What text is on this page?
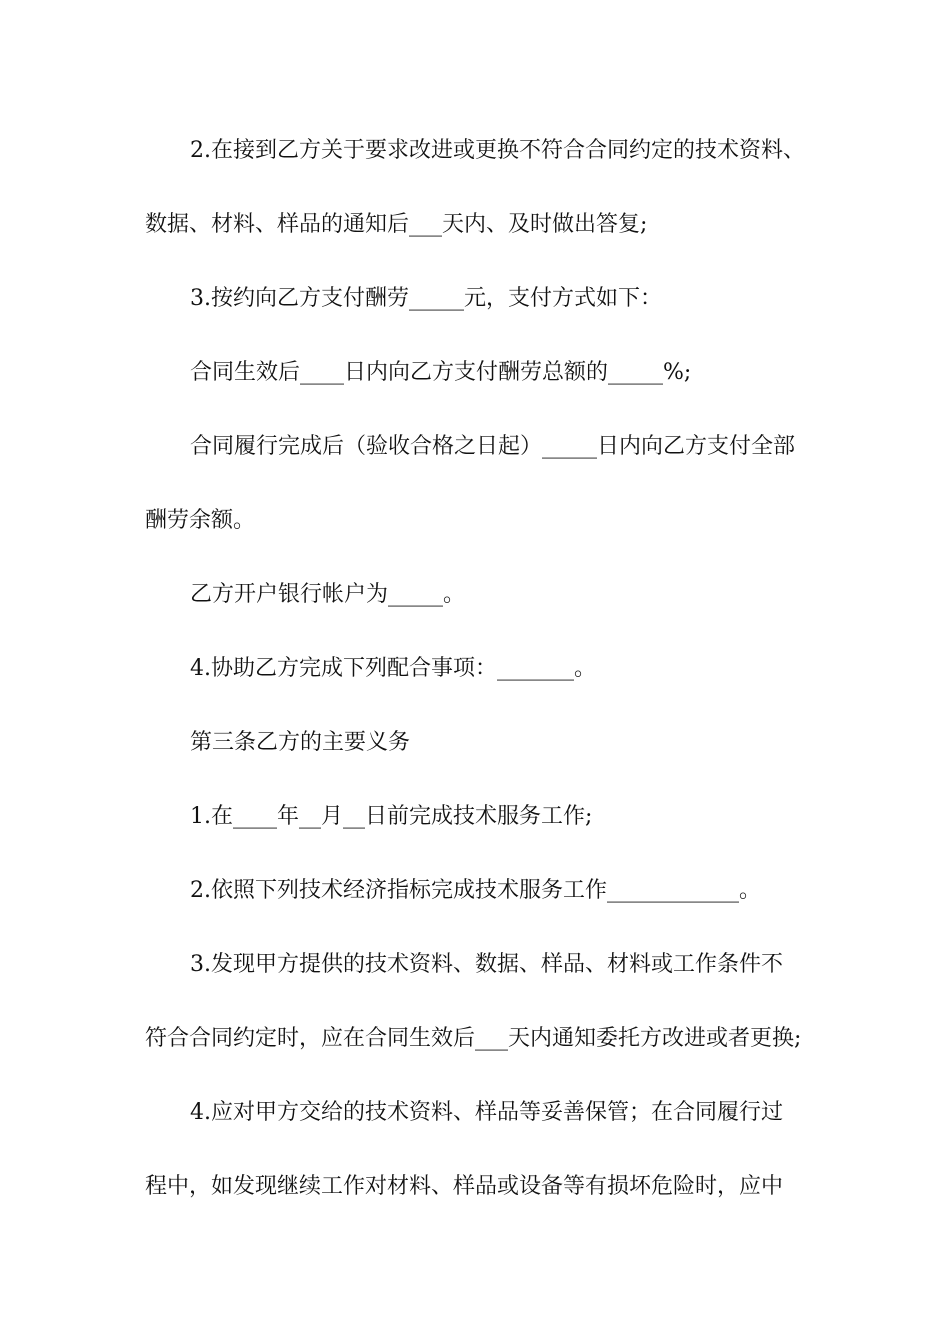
2.在接到乙方关于要求改进或更换不符合合同约定的技术资料、
数据、材料、样品的通知后___天内、及时做出答复;
3.按约向乙方支付酬劳_____元，支付方式如下：
合同生效后____日内向乙方支付酬劳总额的_____%;
合同履行完成后（验收合格之日起）_____日内向乙方支付全部
酬劳余额。
乙方开户银行帐户为_____。
4.协助乙方完成下列配合事项：_______。
第三条乙方的主要义务
1.在____年__月__日前完成技术服务工作;
2.依照下列技术经济指标完成技术服务工作____________。
3.发现甲方提供的技术资料、数据、样品、材料或工作条件不
符合合同约定时，应在合同生效后___天内通知委托方改进或者更换;
4.应对甲方交给的技术资料、样品等妥善保管；在合同履行过
程中，如发现继续工作对材料、样品或设备等有损坏危险时，应中
